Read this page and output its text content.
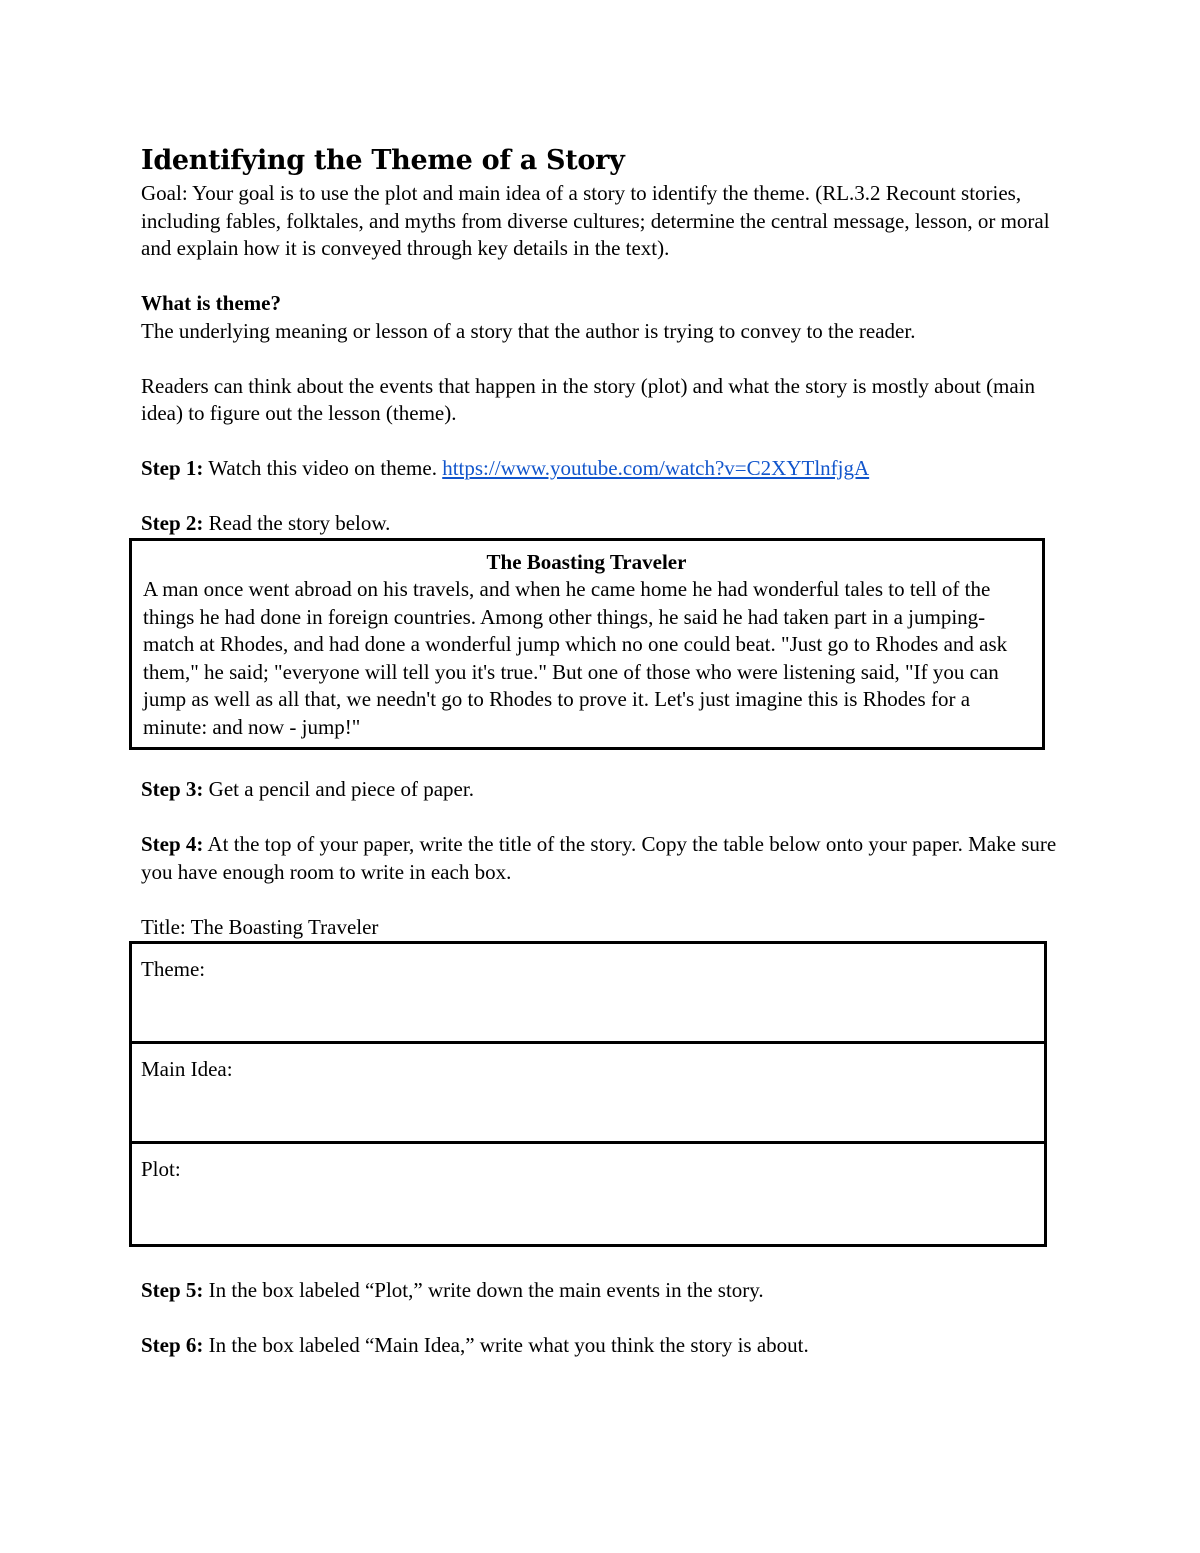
Identifying the Theme of a Story

Goal: Your goal is to use the plot and main idea of a story to identify the theme. (RL.3.2 Recount stories, including fables, folktales, and myths from diverse cultures; determine the central message, lesson, or moral and explain how it is conveyed through key details in the text).

What is theme?

The underlying meaning or lesson of a story that the author is trying to convey to the reader.

Readers can think about the events that happen in the story (plot) and what the story is mostly about (main idea) to figure out the lesson (theme).

Step 1: Watch this video on theme. https://www.youtube.com/watch?v=C2XYTlnfjgA

Step 2: Read the story below.

The Boasting Traveler
A man once went abroad on his travels, and when he came home he had wonderful tales to tell of the things he had done in foreign countries. Among other things, he said he had taken part in a jumping-match at Rhodes, and had done a wonderful jump which no one could beat. "Just go to Rhodes and ask them," he said; "everyone will tell you it's true." But one of those who were listening said, "If you can jump as well as all that, we needn't go to Rhodes to prove it. Let's just imagine this is Rhodes for a minute: and now - jump!"

Step 3: Get a pencil and piece of paper.

Step 4: At the top of your paper, write the title of the story. Copy the table below onto your paper. Make sure you have enough room to write in each box.

Title: The Boasting Traveler

Theme:
Main Idea:
Plot:

Step 5: In the box labeled “Plot,” write down the main events in the story.

Step 6: In the box labeled “Main Idea,” write what you think the story is about.
